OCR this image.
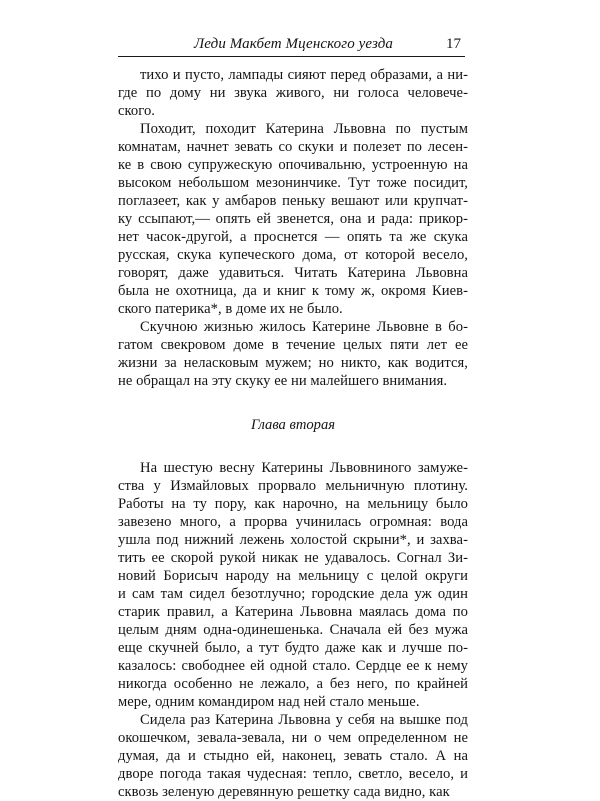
Леди Макбет Мценского уезда	17
тихо и пусто, лампады сияют перед образами, а ни-
где по дому ни звука живого, ни голоса человече-
ского.
Походит, походит Катерина Львовна по пустым
комнатам, начнет зевать со скуки и полезет по лесен-
ке в свою супружескую опочивальню, устроенную на
высоком небольшом мезонинчике. Тут тоже посидит,
поглазеет, как у амбаров пеньку вешают или крупчат-
ку ссыпают,— опять ей звенется, она и рада: прикор-
нет часок-другой, а проснется — опять та же скука
русская, скука купеческого дома, от которой весело,
говорят, даже удавиться. Читать Катерина Львовна
была не охотница, да и книг к тому ж, окромя Киев-
ского патерика*, в доме их не было.
Скучною жизнью жилось Катерине Львовне в бо-
гатом свекровом доме в течение целых пяти лет ее
жизни за неласковым мужем; но никто, как водится,
не обращал на эту скуку ее ни малейшего внимания.
Глава вторая
На шестую весну Катерины Львовниного замуже-
ства у Измайловых прорвало мельничную плотину.
Работы на ту пору, как нарочно, на мельницу было
завезено много, а прорва учинилась огромная: вода
ушла под нижний лежень холостой скрыни*, и захва-
тить ее скорой рукой никак не удавалось. Согнал Зи-
новий Борисыч народу на мельницу с целой округи
и сам там сидел безотлучно; городские дела уж один
старик правил, а Катерина Львовна маялась дома по
целым дням одна-одинешенька. Сначала ей без мужа
еще скучней было, а тут будто даже как и лучше по-
казалось: свободнее ей одной стало. Сердце ее к нему
никогда особенно не лежало, а без него, по крайней
мере, одним командиром над ней стало меньше.
Сидела раз Катерина Львовна у себя на вышке под
окошечком, зевала-зевала, ни о чем определенном не
думая, да и стыдно ей, наконец, зевать стало. А на
дворе погода такая чудесная: тепло, светло, весело, и
сквозь зеленую деревянную решетку сада видно, как
